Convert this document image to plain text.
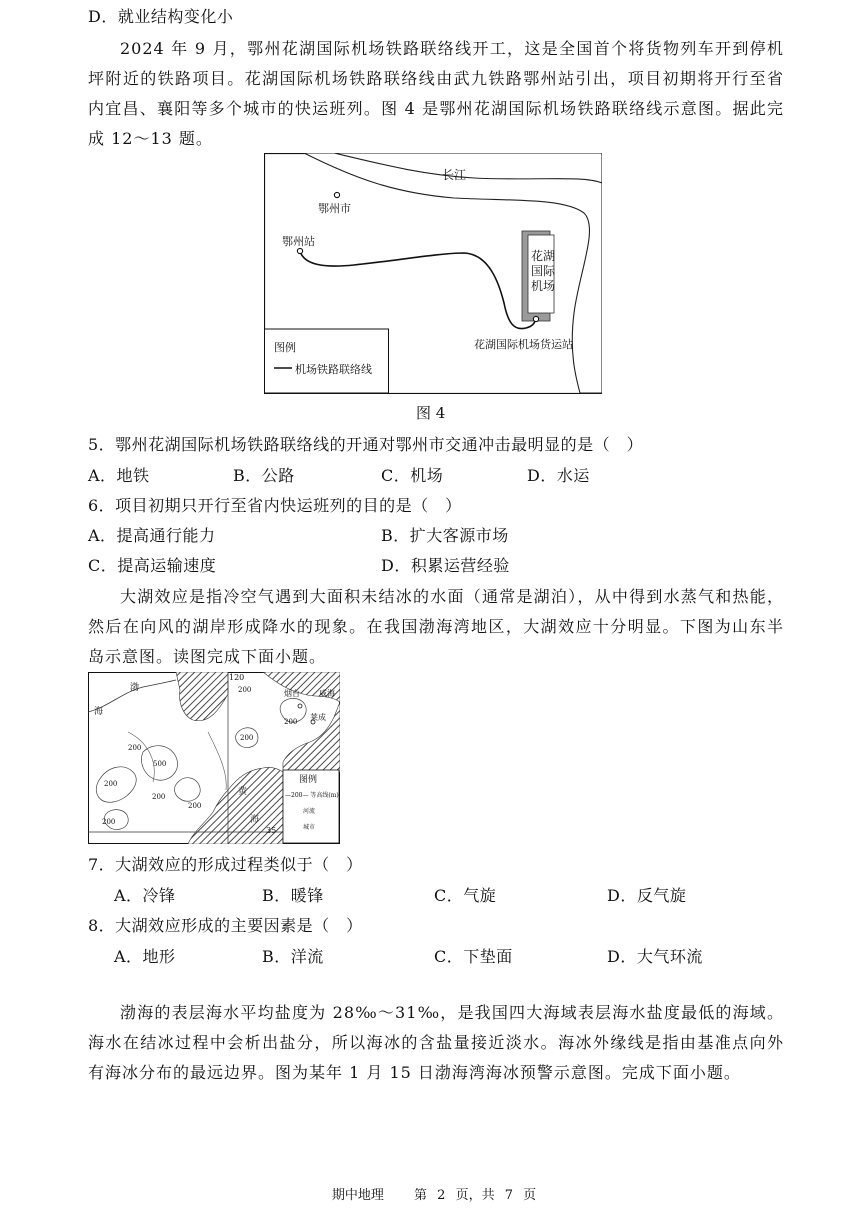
D．就业结构变化小
2024 年 9 月，鄂州花湖国际机场铁路联络线开工，这是全国首个将货物列车开到停机坪附近的铁路项目。花湖国际机场铁路联络线由武九铁路鄂州站引出，项目初期将开行至省内宜昌、襄阳等多个城市的快运班列。图 4 是鄂州花湖国际机场铁路联络线示意图。据此完成 12～13 题。
长江
鄂州市
鄂州站
花湖
国际
机场
花湖国际机场货运站
图例
机场铁路联络线
图 4
5．鄂州花湖国际机场铁路联络线的开通对鄂州市交通冲击最明显的是（　）
A．地铁	B．公路	C．机场	D．水运
6．项目初期只开行至省内快运班列的目的是（　）
A．提高通行能力	B．扩大客源市场
C．提高运输速度	D．积累运营经验
大湖效应是指冷空气遇到大面积未结冰的水面（通常是湖泊），从中得到水蒸气和热能，然后在向风的湖岸形成降水的现象。在我国渤海湾地区，大湖效应十分明显。下图为山东半岛示意图。读图完成下面小题。
渤
海
120
烟台 威海
莱成
200
500
200
200
200
200
200
200
200
黄
海
35
图例
—200— 等高线(m)
河流
城市
7．大湖效应的形成过程类似于（　）
A．冷锋	B．暖锋	C．气旋	D．反气旋
8．大湖效应形成的主要因素是（　）
A．地形	B．洋流	C．下垫面	D．大气环流
渤海的表层海水平均盐度为 28‰～31‰，是我国四大海域表层海水盐度最低的海域。海水在结冰过程中会析出盐分，所以海冰的含盐量接近淡水。海冰外缘线是指由基准点向外有海冰分布的最远边界。图为某年 1 月 15 日渤海湾海冰预警示意图。完成下面小题。
期中地理 第 2 页，共 7 页
